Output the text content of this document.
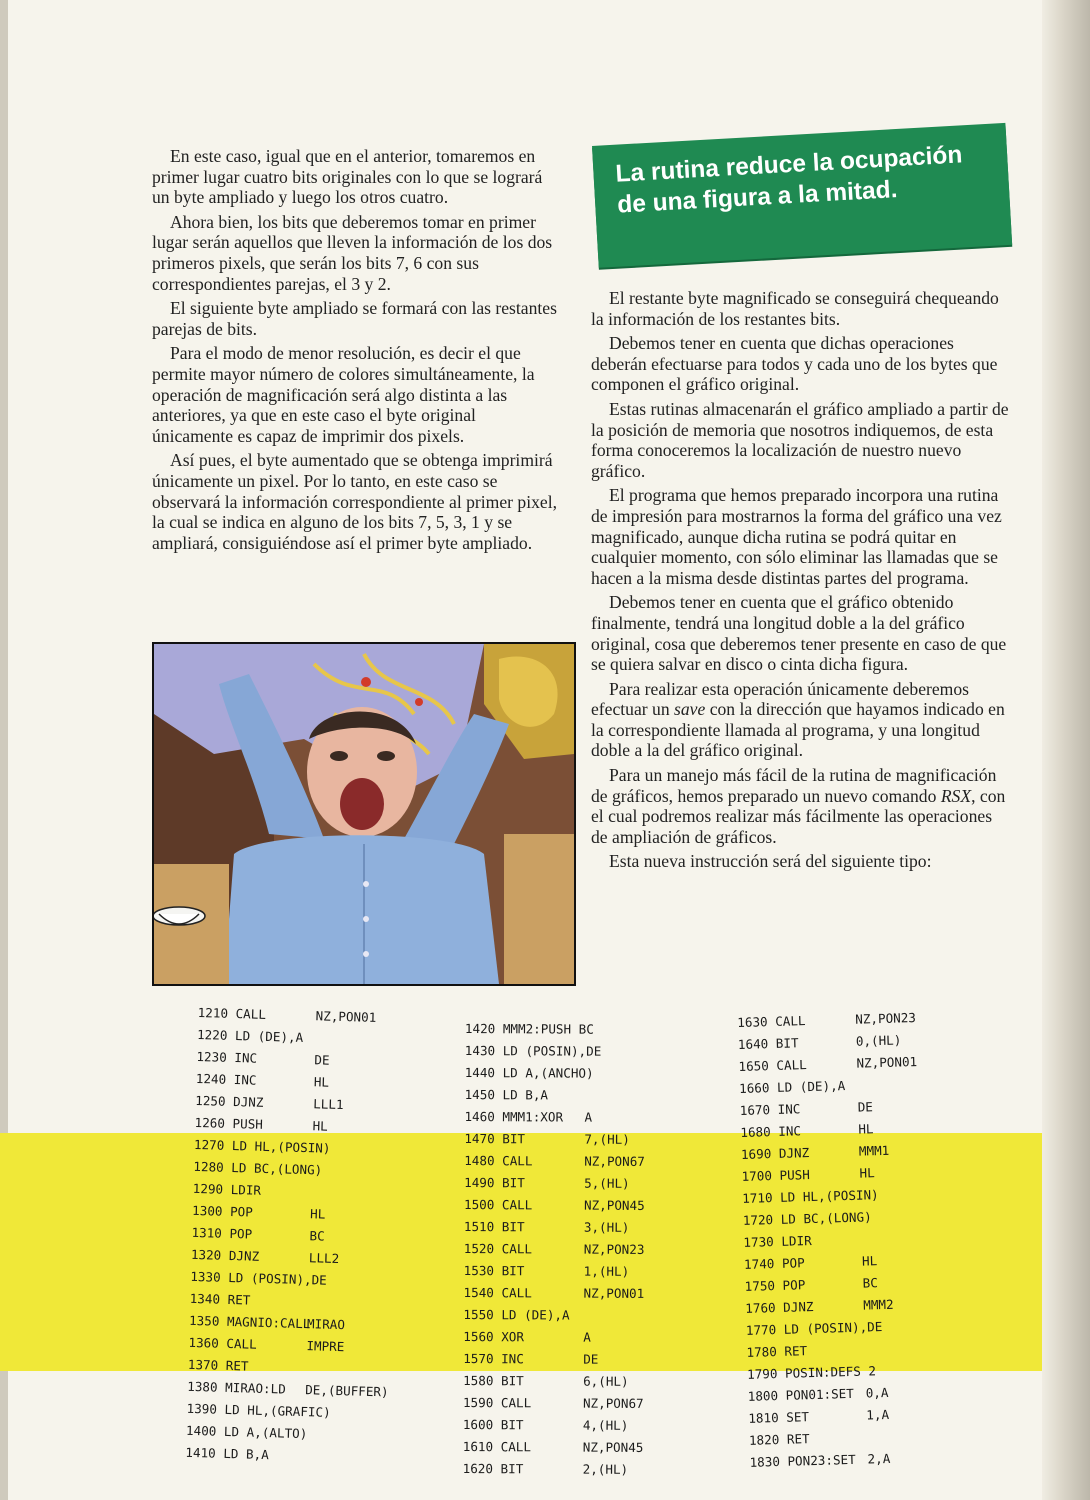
En este caso, igual que en el anterior, tomaremos en primer lugar cuatro bits originales con lo que se logrará un byte ampliado y luego los otros cuatro.

Ahora bien, los bits que deberemos tomar en primer lugar serán aquellos que lleven la información de los dos primeros pixels, que serán los bits 7, 6 con sus correspondientes parejas, el 3 y 2.

El siguiente byte ampliado se formará con las restantes parejas de bits.

Para el modo de menor resolución, es decir el que permite mayor número de colores simultáneamente, la operación de magnificación será algo distinta a las anteriores, ya que en este caso el byte original únicamente es capaz de imprimir dos pixels.

Así pues, el byte aumentado que se obtenga imprimirá únicamente un pixel. Por lo tanto, en este caso se observará la información correspondiente al primer pixel, la cual se indica en alguno de los bits 7, 5, 3, 1 y se ampliará, consiguiéndose así el primer byte ampliado.

La rutina reduce la ocupación de una figura a la mitad.

El restante byte magnificado se conseguirá chequeando la información de los restantes bits.

Debemos tener en cuenta que dichas operaciones deberán efectuarse para todos y cada uno de los bytes que componen el gráfico original.

Estas rutinas almacenarán el gráfico ampliado a partir de la posición de memoria que nosotros indiquemos, de esta forma conoceremos la localización de nuestro nuevo gráfico.

El programa que hemos preparado incorpora una rutina de impresión para mostrarnos la forma del gráfico una vez magnificado, aunque dicha rutina se podrá quitar en cualquier momento, con sólo eliminar las llamadas que se hacen a la misma desde distintas partes del programa.

Debemos tener en cuenta que el gráfico obtenido finalmente, tendrá una longitud doble a la del gráfico original, cosa que deberemos tener presente en caso de que se quiera salvar en disco o cinta dicha figura.

Para realizar esta operación únicamente deberemos efectuar un save con la dirección que hayamos indicado en la correspondiente llamada al programa, y una longitud doble a la del gráfico original.

Para un manejo más fácil de la rutina de magnificación de gráficos, hemos preparado un nuevo comando RSX, con el cual podremos realizar más fácilmente las operaciones de ampliación de gráficos.

Esta nueva instrucción será del siguiente tipo:

1210 CALL	NZ,PON01
1220 LD (DE),A
1230 INC	DE
1240 INC	HL
1250 DJNZ	LLL1
1260 PUSH	HL
1270 LD HL,(POSIN)
1280 LD BC,(LONG)
1290 LDIR
1300 POP	HL
1310 POP	BC
1320 DJNZ	LLL2
1330 LD (POSIN),DE
1340 RET
1350 MAGNIO:CALL
MIRAO
1360 CALL	IMPRE
1370 RET
1380 MIRAO:LD DE,(BUFFER)
1390 LD HL,(GRAFIC)
1400 LD A,(ALTO)
1410 LD B,A
1420 MMM2:PUSH BC
1430 LD (POSIN),DE
1440 LD A,(ANCHO)
1450 LD B,A
1460 MMM1:XOR A
1470 BIT	7,(HL)
1480 CALL	NZ,PON67
1490 BIT	5,(HL)
1500 CALL	NZ,PON45
1510 BIT	3,(HL)
1520 CALL	NZ,PON23
1530 BIT	1,(HL)
1540 CALL	NZ,PON01
1550 LD (DE),A
1560 XOR	A
1570 INC	DE
1580 BIT	6,(HL)
1590 CALL	NZ,PON67
1600 BIT	4,(HL)
1610 CALL	NZ,PON45
1620 BIT	2,(HL)
1630 CALL	NZ,PON23
1640 BIT	0,(HL)
1650 CALL	NZ,PON01
1660 LD (DE),A
1670 INC	DE
1680 INC	HL
1690 DJNZ	MMM1
1700 PUSH	HL
1710 LD HL,(POSIN)
1720 LD BC,(LONG)
1730 LDIR
1740 POP	HL
1750 POP	BC
1760 DJNZ	MMM2
1770 LD (POSIN),DE
1780 RET
1790 POSIN:DEFS 2
1800 PON01:SET 0,A
1810 SET	1,A
1820 RET
1830 PON23:SET 2,A
